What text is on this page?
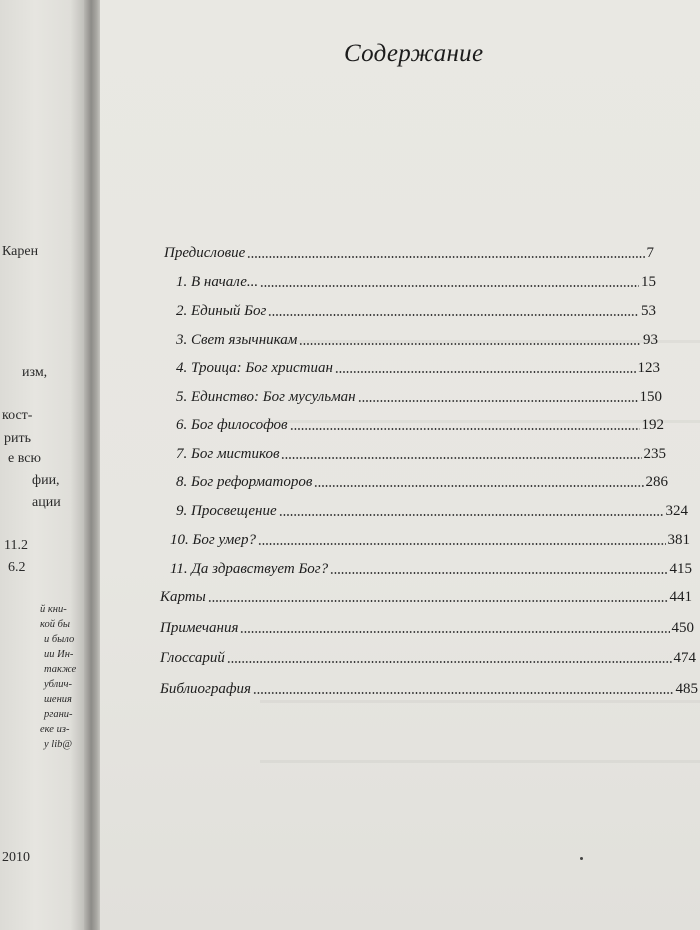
Карен
изм,
кост-
рить
е всю
фии,
ации
11.2
6.2
й кни-
кой бы
и было
ии Ин-
также
ублич-
шения
ргани-
еке из-
у lib@
2010
Содержание
Предисловие	7
1. В начале...	15
2. Единый Бог	53
3. Свет язычникам	93
4. Троица: Бог христиан	123
5. Единство: Бог мусульман	150
6. Бог философов	192
7. Бог мистиков	235
8. Бог реформаторов	286
9. Просвещение	324
10. Бог умер?	381
11. Да здравствует Бог?	415
Карты	441
Примечания	450
Глоссарий	474
Библиография	485
